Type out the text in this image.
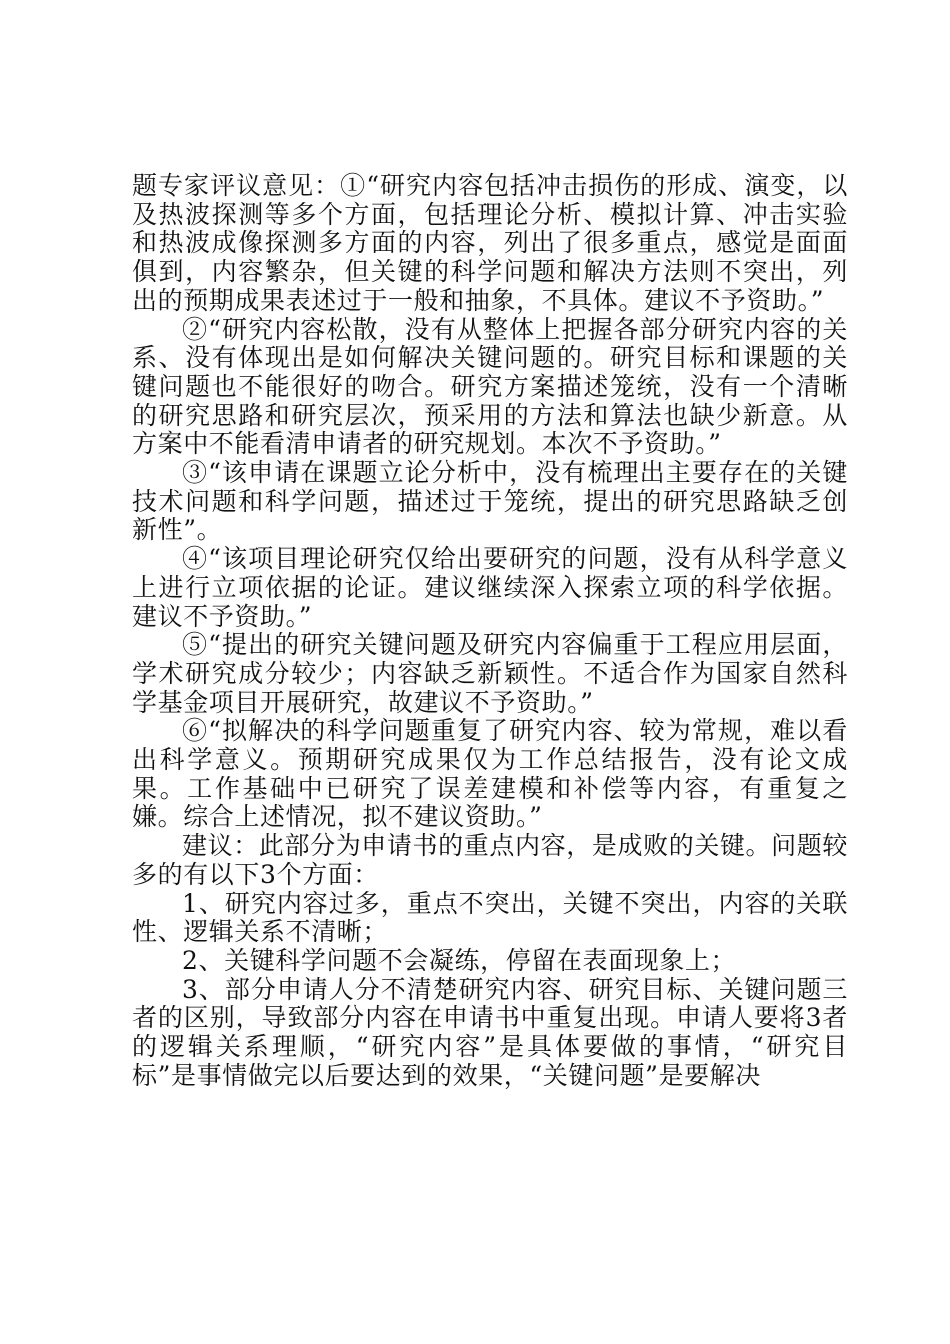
题专家评议意见：①“研究内容包括冲击损伤的形成、演变，以及热波探测等多个方面，包括理论分析、模拟计算、冲击实验和热波成像探测多方面的内容，列出了很多重点，感觉是面面俱到，内容繁杂，但关键的科学问题和解决方法则不突出，列出的预期成果表述过于一般和抽象，不具体。建议不予资助。”

②“研究内容松散，没有从整体上把握各部分研究内容的关系、没有体现出是如何解决关键问题的。研究目标和课题的关键问题也不能很好的吻合。研究方案描述笼统，没有一个清晰的研究思路和研究层次，预采用的方法和算法也缺少新意。从方案中不能看清申请者的研究规划。本次不予资助。”

③“该申请在课题立论分析中，没有梳理出主要存在的关键技术问题和科学问题，描述过于笼统，提出的研究思路缺乏创新性”。

④“该项目理论研究仅给出要研究的问题，没有从科学意义上进行立项依据的论证。建议继续深入探索立项的科学依据。建议不予资助。”

⑤“提出的研究关键问题及研究内容偏重于工程应用层面，学术研究成分较少；内容缺乏新颖性。不适合作为国家自然科学基金项目开展研究，故建议不予资助。”

⑥“拟解决的科学问题重复了研究内容、较为常规，难以看出科学意义。预期研究成果仅为工作总结报告，没有论文成果。工作基础中已研究了误差建模和补偿等内容，有重复之嫌。综合上述情况，拟不建议资助。”

建议：此部分为申请书的重点内容，是成败的关键。问题较多的有以下3个方面：

1、研究内容过多，重点不突出，关键不突出，内容的关联性、逻辑关系不清晰；

2、关键科学问题不会凝练，停留在表面现象上；

3、部分申请人分不清楚研究内容、研究目标、关键问题三者的区别，导致部分内容在申请书中重复出现。申请人要将3者的逻辑关系理顺，“研究内容”是具体要做的事情，“研究目标”是事情做完以后要达到的效果，“关键问题”是要解决
